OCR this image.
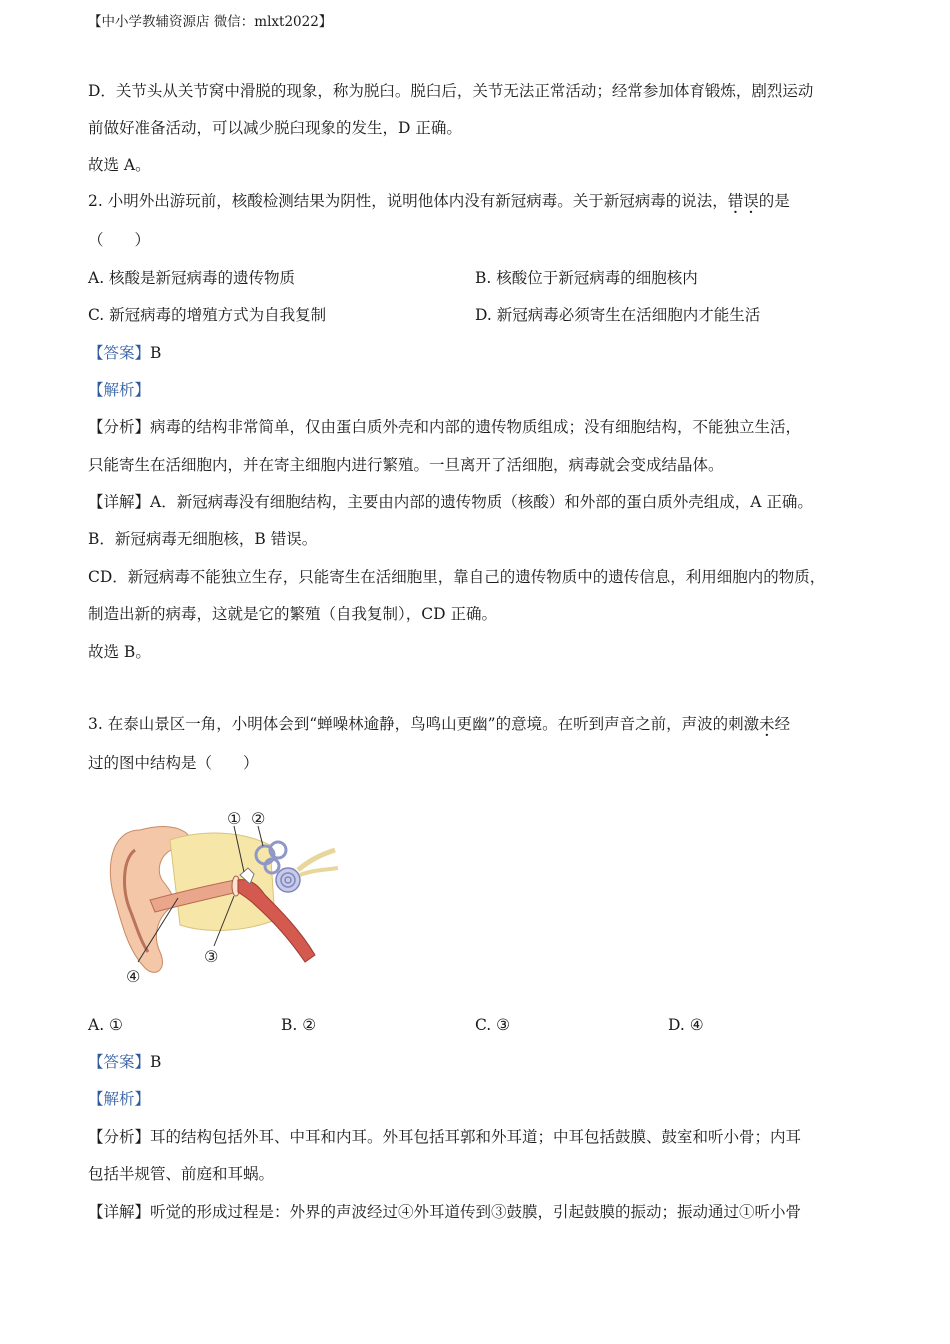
【中小学教辅资源店 微信：mlxt2022】
D．关节头从关节窝中滑脱的现象，称为脱臼。脱臼后，关节无法正常活动；经常参加体育锻炼，剧烈运动
前做好准备活动，可以减少脱臼现象的发生，D 正确。
故选 A。
2. 小明外出游玩前，核酸检测结果为阴性，说明他体内没有新冠病毒。关于新冠病毒的说法，错误的是
（　　）
A. 核酸是新冠病毒的遗传物质	B. 核酸位于新冠病毒的细胞核内
C. 新冠病毒的增殖方式为自我复制	D. 新冠病毒必须寄生在活细胞内才能生活
【答案】B
【解析】
【分析】病毒的结构非常简单，仅由蛋白质外壳和内部的遗传物质组成；没有细胞结构，不能独立生活，
只能寄生在活细胞内，并在寄主细胞内进行繁殖。一旦离开了活细胞，病毒就会变成结晶体。
【详解】A．新冠病毒没有细胞结构，主要由内部的遗传物质（核酸）和外部的蛋白质外壳组成，A 正确。
B．新冠病毒无细胞核，B 错误。
CD．新冠病毒不能独立生存，只能寄生在活细胞里，靠自己的遗传物质中的遗传信息，利用细胞内的物质，
制造出新的病毒，这就是它的繁殖（自我复制），CD 正确。
故选 B。
3. 在泰山景区一角，小明体会到“蝉噪林逾静，鸟鸣山更幽”的意境。在听到声音之前，声波的刺激未经
过的图中结构是（　　）
① ②
③
④
A. ①	B. ②	C. ③	D. ④
【答案】B
【解析】
【分析】耳的结构包括外耳、中耳和内耳。外耳包括耳郭和外耳道；中耳包括鼓膜、鼓室和听小骨；内耳
包括半规管、前庭和耳蜗。
【详解】听觉的形成过程是：外界的声波经过④外耳道传到③鼓膜，引起鼓膜的振动；振动通过①听小骨
